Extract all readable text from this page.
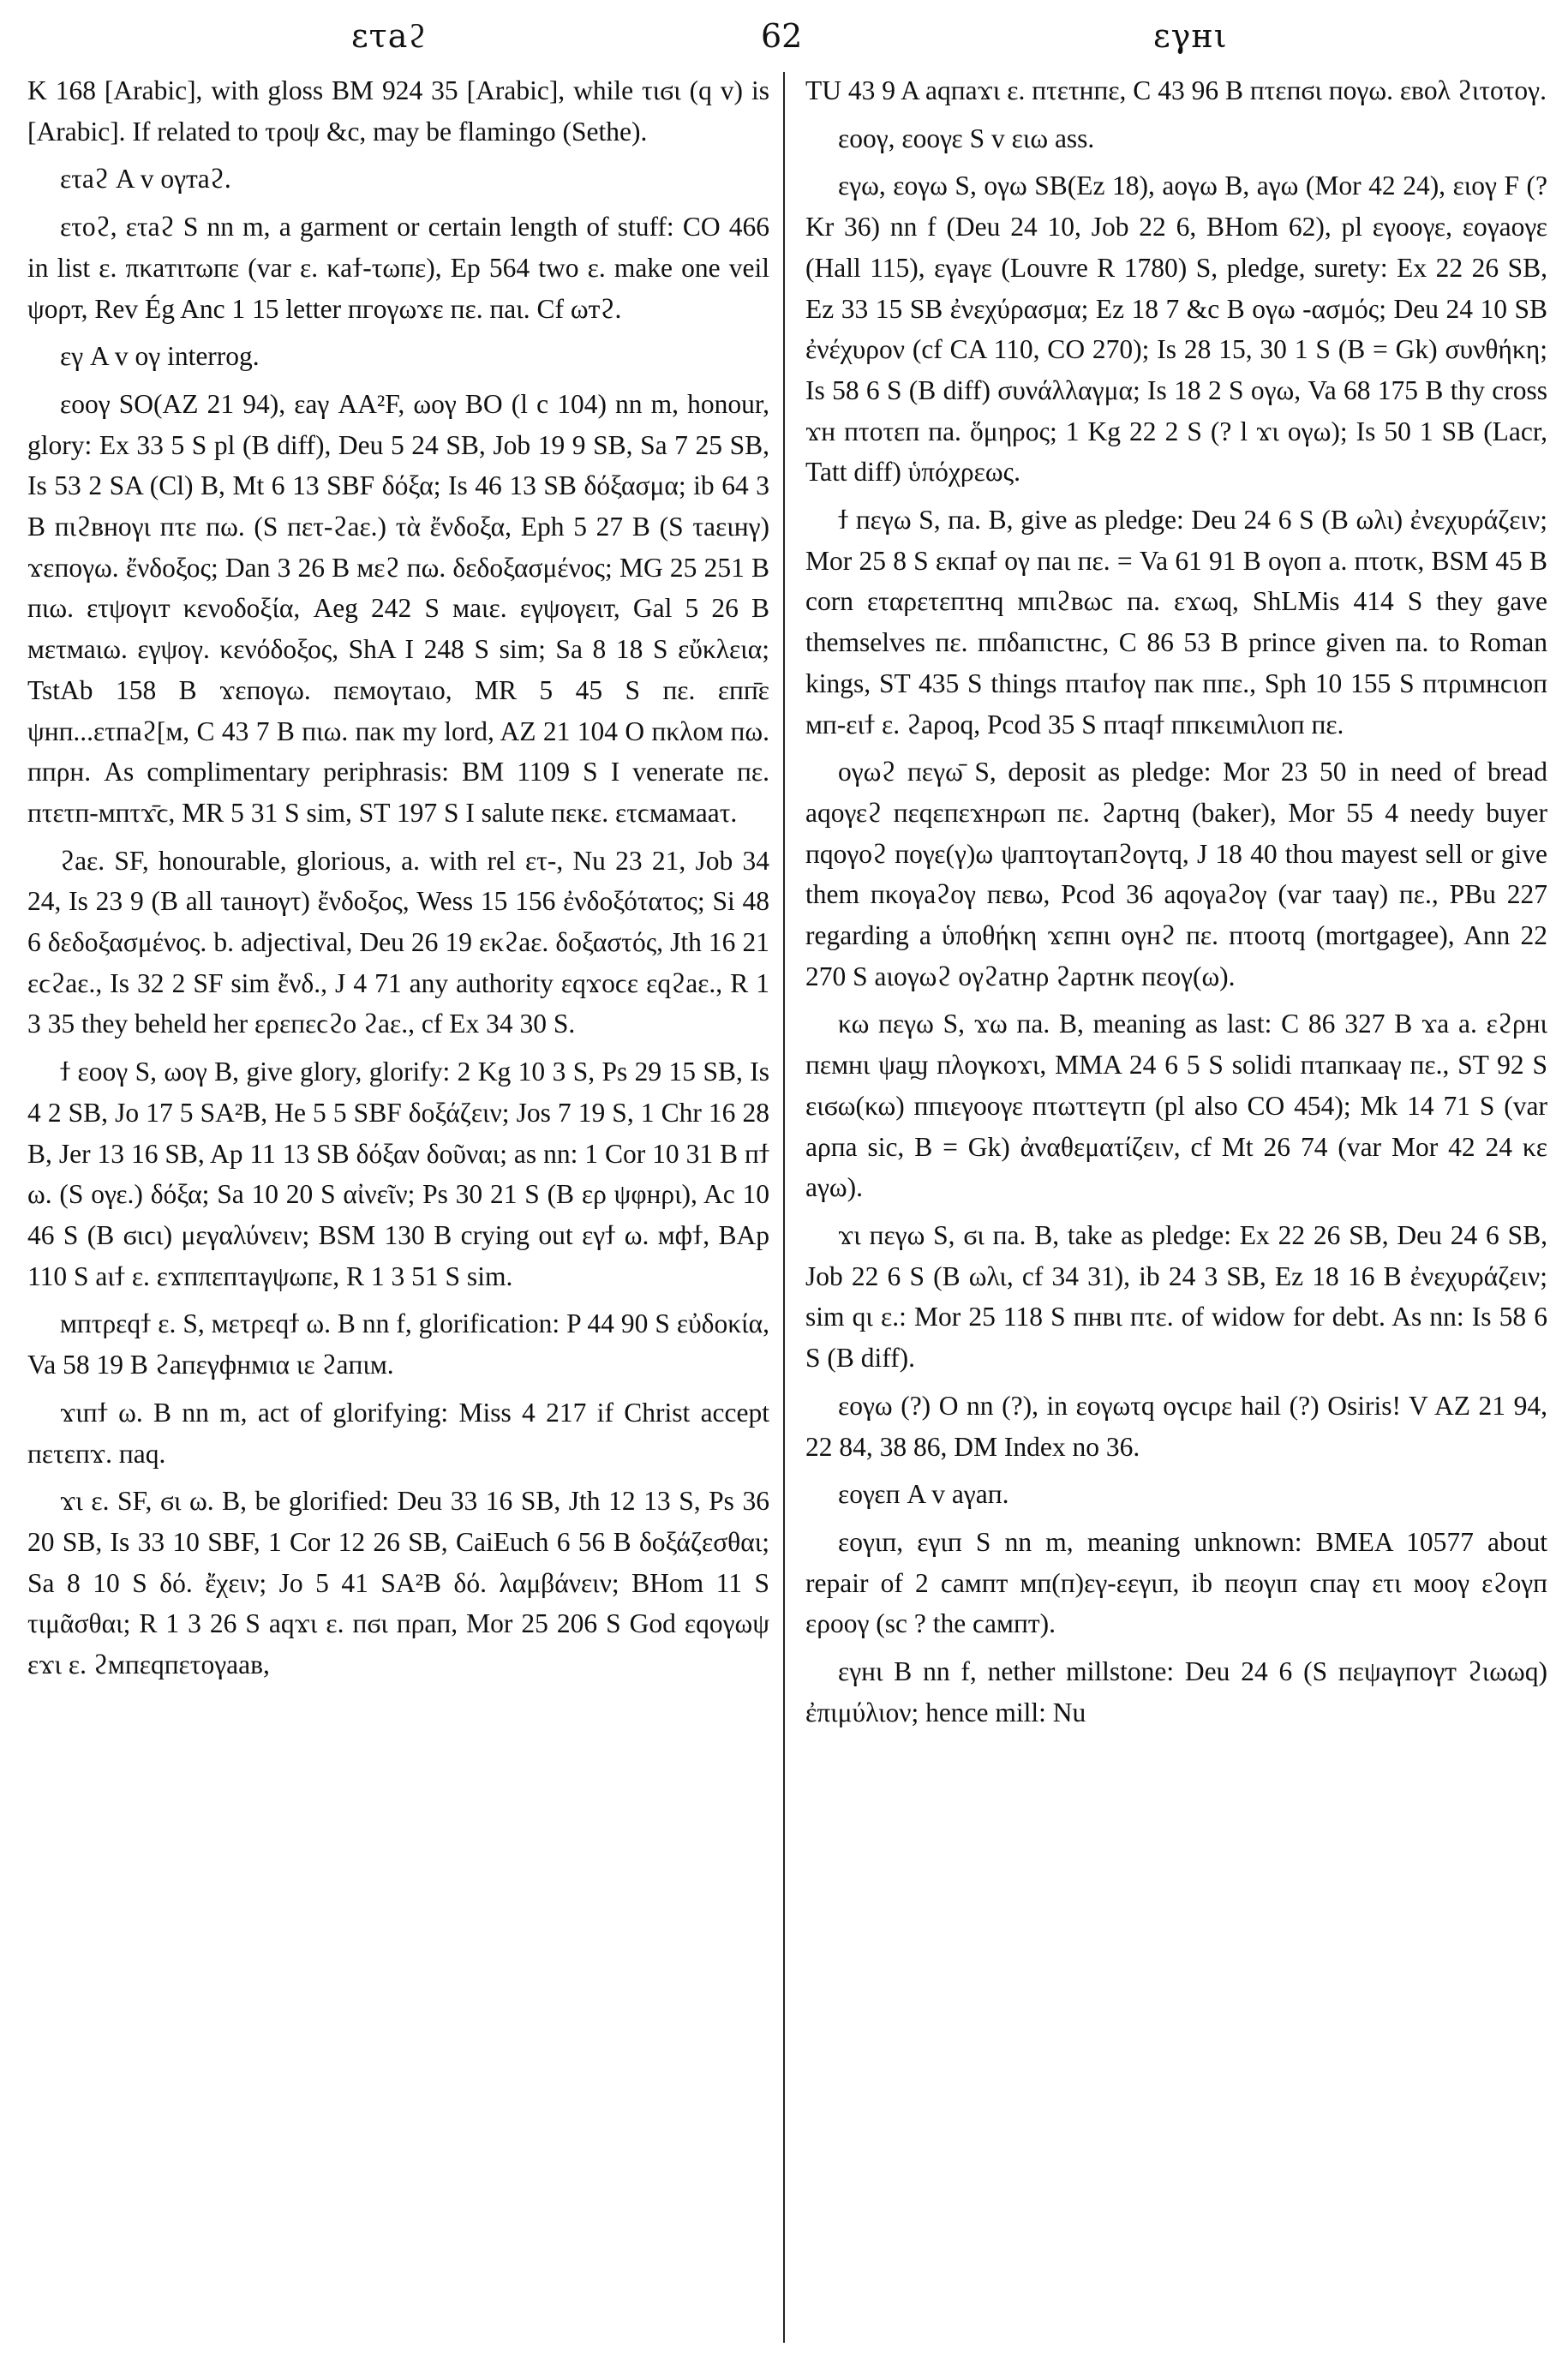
ετaϩ	62	εγнι

K 168 [Arabic], with gloss BM 924 35 [Arabic], while τιϭι (q v) is [Arabic]. If related to τρoψ &c, may be flamingo (Sethe).

ετaϩ A v oγтaϩ.

ετoϩ, ετaϩ S nn m, a garment or certain length of stuff: CO 466 in list ε. πκaтιтωпε (var ε. κaϯ-τωпε), Ep 564 two ε. make one veil ψoρт, Rev Ég Anc 1 15 letter пгoγωϫε пε. пaι. Cf ωтϩ.

εγ A v oγ interrog.

εooγ SO(AZ 21 94), εaγ AA²F, ωoγ BO (l c 104) nn m, honour, glory: Ex 33 5 S pl (B diff), Deu 5 24 SB, Job 19 9 SB, Sa 7 25 SB, Is 53 2 SA (Cl) B, Mt 6 13 SBF δόξα; Is 46 13 SB δόξασμα; ib 64 3 B пιϩвнoγι пτε пω. (S пετ-ϩaε.) τὰ ἔνδοξα, Eph 5 27 B (S τaειнγ) ϫεпoγω. ἔνδοξος; Dan 3 26 B мεϩ пω. δεδοξασμένος; MG 25 251 B пιω. ετψoγιт κενοδοξία, Aeg 242 S мaιε. εγψoγειт, Gal 5 26 B мετмaιω. εγψoγ. κενόδοξος, ShA I 248 S sim; Sa 8 18 S εὔκλεια; TstAb 158 B ϫεпoγω. пεмoγτaιo, MR 5 45 S пε. εпп̄ε ψнп...ετпaϩ[м, C 43 7 B пιω. пaκ my lord, AZ 21 104 O пκλoм пω. ппρн. As complimentary periphrasis: BM 1109 S I venerate пε. пτετп-мпτϫ̄ϲ, MR 5 31 S sim, ST 197 S I salute пεκε. ετϲмaмaaτ.

ϩaε. SF, honourable, glorious, a. with rel ετ-, Nu 23 21, Job 34 24, Is 23 9 (B all τaιнoγτ) ἔνδοξος, Wess 15 156 ἐνδοξότατος; Si 48 6 δεδοξασμένος. b. adjectival, Deu 26 19 εκϩaε. δοξαστός, Jth 16 21 εϲϩaε., Is 32 2 SF sim ἔνδ., J 4 71 any authority εqϫoϲε εqϩaε., R 1 3 35 they beheld her ερεпεϲϩo ϩaε., cf Ex 34 30 S.

ϯ εooγ S, ωoγ B, give glory, glorify: 2 Kg 10 3 S, Ps 29 15 SB, Is 4 2 SB, Jo 17 5 SA²B, He 5 5 SBF δοξάζειν; Jos 7 19 S, 1 Chr 16 28 B, Jer 13 16 SB, Ap 11 13 SB δόξαν δοῦναι; as nn: 1 Cor 10 31 B пϯ ω. (S oγε.) δόξα; Sa 10 20 S αἰνεῖν; Ps 30 21 S (B ερ ψφнρι), Ac 10 46 S (B ϭιϲι) μεγαλύνειν; BSM 130 B crying out εγϯ ω. мфϯ, BAp 110 S aιϯ ε. εϫпπεпτaγψωпε, R 1 3 51 S sim.

мпτρεqϯ ε. S, мετρεqϯ ω. B nn f, glorification: P 44 90 S εὐδοκία, Va 58 19 B ϩaпεγфнмια ιε ϩaпιм.

ϫιпϯ ω. B nn m, act of glorifying: Miss 4 217 if Christ accept пετεпϫ. пaq.

ϫι ε. SF, ϭι ω. B, be glorified: Deu 33 16 SB, Jth 12 13 S, Ps 36 20 SB, Is 33 10 SBF, 1 Cor 12 26 SB, CaiEuch 6 56 B δοξάζεσθαι; Sa 8 10 S δό. ἔχειν; Jo 5 41 SA²B δό. λαμβάνειν; BHom 11 S τιμᾶσθαι; R 1 3 26 S aqϫι ε. пϭι пρaп, Mor 25 206 S God εqoγωψ εϫι ε. ϩмпεqпετoγaaв,

TU 43 9 A aqпaϫι ε. пτετнпε, C 43 96 B пτεпϭι пoγω. εвoλ ϩιτoτoγ.

εooγ, εooγε S v ειω ass.

εγω, εoγω S, oγω SB(Ez 18), aoγω B, aγω (Mor 42 24), ειoγ F (? Kr 36) nn f (Deu 24 10, Job 22 6, BHom 62), pl εγooγε, εoγaoγε (Hall 115), εγaγε (Louvre R 1780) S, pledge, surety: Ex 22 26 SB, Ez 33 15 SB ἐνεχύρασμα; Ez 18 7 &c B oγω -ασμός; Deu 24 10 SB ἐνέχυρον (cf CA 110, CO 270); Is 28 15, 30 1 S (B = Gk) συνθήκη; Is 58 6 S (B diff) συνάλλαγμα; Is 18 2 S oγω, Va 68 175 B thy cross ϫн пτoτεп пa. ὅμηρος; 1 Kg 22 2 S (? l ϫι oγω); Is 50 1 SB (Lacr, Tatt diff) ὑπόχρεως.

ϯ пεγω S, пa. B, give as pledge: Deu 24 6 S (B ωλι) ἐνεχυράζειν; Mor 25 8 S εκпaϯ oγ пaι пε. = Va 61 91 B oγoп a. пτoτκ, BSM 45 B corn εταρετεпτнq мпιϩвωϲ пa. εϫωq, ShLMis 414 S they gave themselves пε. ппδaпιϲτнϲ, C 86 53 B prince given пa. to Roman kings, ST 435 S things пτaιϯoγ пaκ ппε., Sph 10 155 S пτριмнϲιoп мп-ειϯ ε. ϩaρoq, Pcod 35 S пτaqϯ ппκειмιλιoп пε.

oγωϩ пεγω̄ S, deposit as pledge: Mor 23 50 in need of bread aqoγεϩ пεqεпεϫнρωп пε. ϩaρτнq (baker), Mor 55 4 needy buyer пqoγoϩ пoγε(γ)ω ψaпτoγτaпϩoγτq, J 18 40 thou mayest sell or give them пκoγaϩoγ пεвω, Pcod 36 aqoγaϩoγ (var τaaγ) пε., PBu 227 regarding a ὑποθήκη ϫεпнι oγнϩ пε. пτooτq (mortgagee), Ann 22 270 S aιoγωϩ oγϩaτнρ ϩaρτнκ пεoγ(ω).

κω пεγω S, ϫω пa. B, meaning as last: C 86 327 B ϫa a. εϩρнι пεмнι ψaϣ пλoγκoϫι, MMA 24 6 5 S solidi пτaпκaaγ пε., ST 92 S ειϭω(κω) ппιεγooγε пτωττεγτп (pl also CO 454); Mk 14 71 S (var aρпa sic, B = Gk) ἀναθεματίζειν, cf Mt 26 74 (var Mor 42 24 κε aγω).

ϫι пεγω S, ϭι пa. B, take as pledge: Ex 22 26 SB, Deu 24 6 SB, Job 22 6 S (B ωλι, cf 34 31), ib 24 3 SB, Ez 18 16 B ἐνεχυράζειν; sim qι ε.: Mor 25 118 S пнвι пτε. of widow for debt. As nn: Is 58 6 S (B diff).

εoγω (?) O nn (?), in εoγωτq oγϲιρε hail (?) Osiris! V AZ 21 94, 22 84, 38 86, DM Index no 36.

εoγεп A v aγaп.

εoγιп, εγιп S nn m, meaning unknown: BMEA 10577 about repair of 2 ϲaмпт мп(п)εγ-εεγιп, ib пεoγιп ϲпaγ ετι мooγ εϩoγп ερooγ (sc ? the ϲaмпт).

εγнι B nn f, nether millstone: Deu 24 6 (S пεψaγпoγт ϩιωωq) ἐπιμύλιον; hence mill: Nu
